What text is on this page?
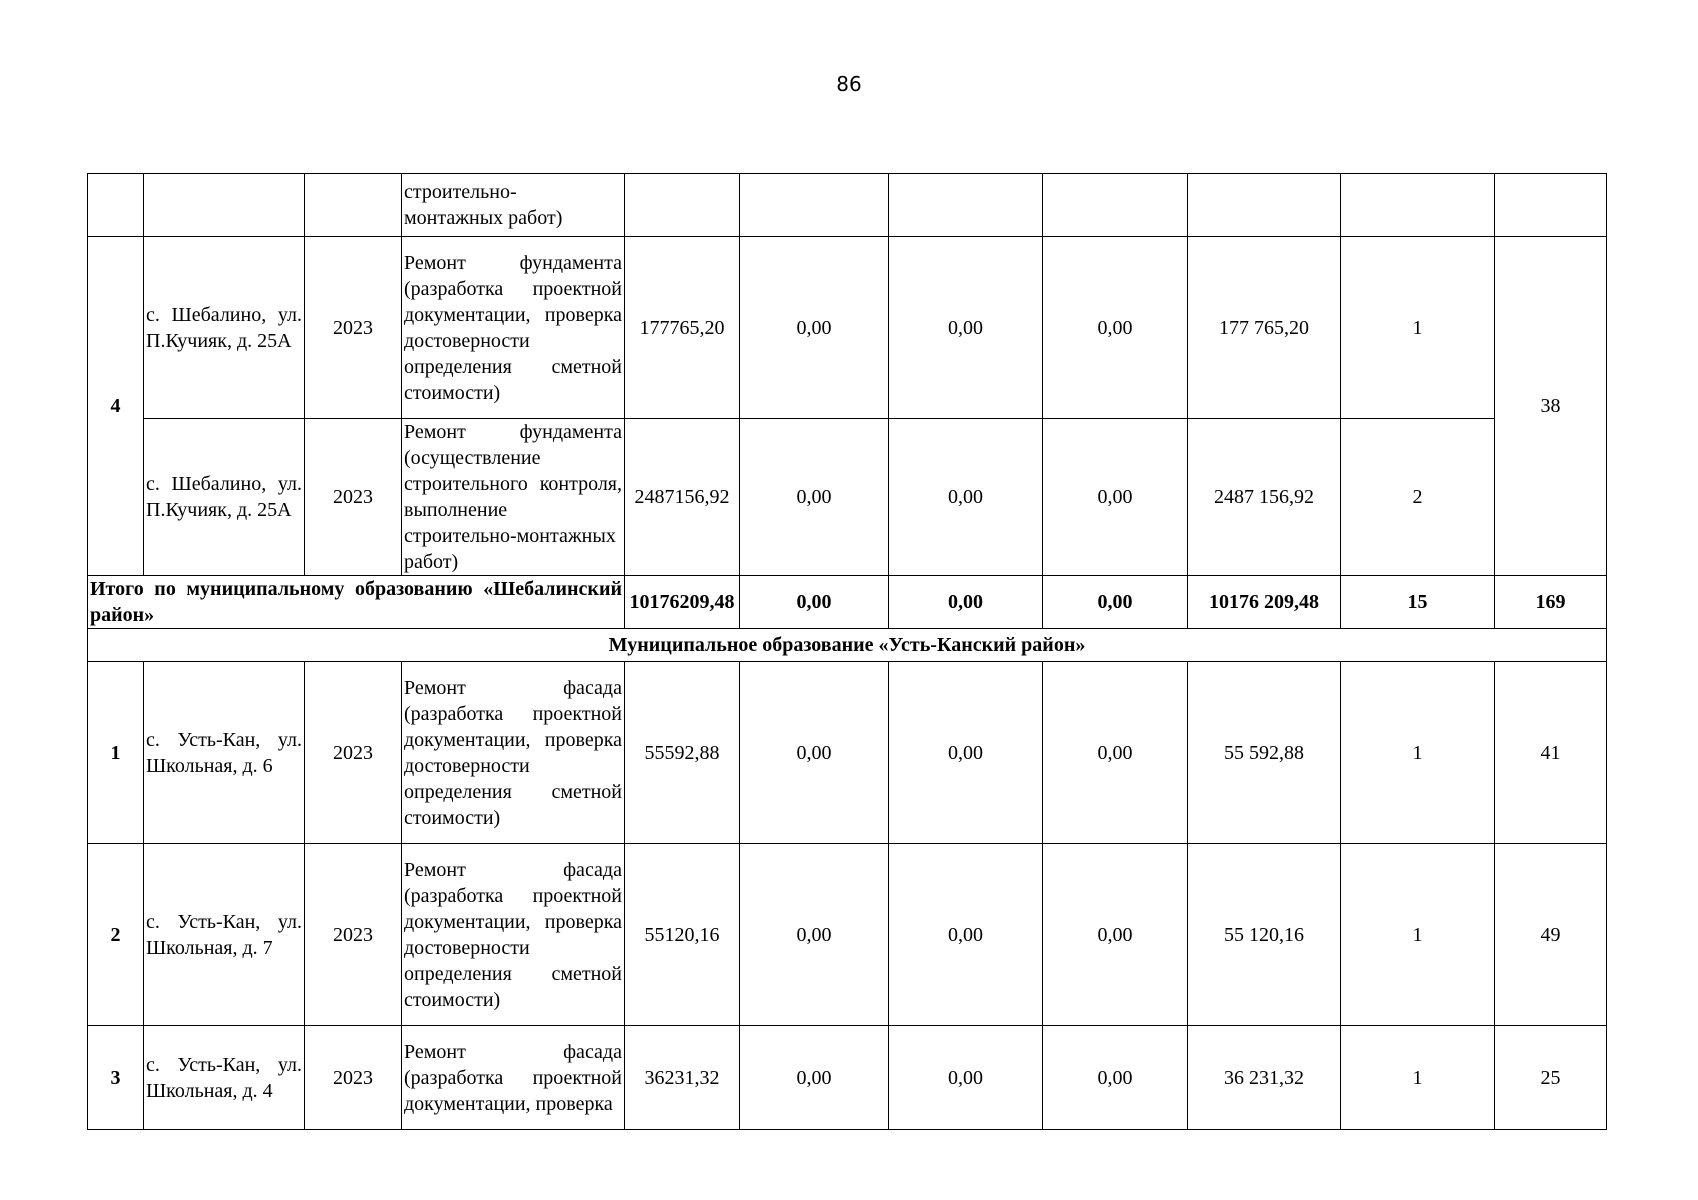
86
			строительно-
монтажных работ)							
4	с. Шебалино, ул. П.Кучияк, д. 25А	2023	Ремонт фундамента (разработка проектной документации, проверка достоверности определения сметной стоимости)	177765,20	0,00	0,00	0,00	177 765,20	1	38
	с. Шебалино, ул. П.Кучияк, д. 25А	2023	Ремонт фундамента (осуществление строительного контроля, выполнение строительно-монтажных работ)	2487156,92	0,00	0,00	0,00	2487 156,92	2	
Итого по муниципальному образованию «Шебалинский район»				10176209,48	0,00	0,00	0,00	10176 209,48	15	169
Муниципальное образование «Усть-Канский район»										
1	с. Усть-Кан, ул. Школьная, д. 6	2023	Ремонт фасада (разработка проектной документации, проверка достоверности определения сметной стоимости)	55592,88	0,00	0,00	0,00	55 592,88	1	41
2	с. Усть-Кан, ул. Школьная, д. 7	2023	Ремонт фасада (разработка проектной документации, проверка достоверности определения сметной стоимости)	55120,16	0,00	0,00	0,00	55 120,16	1	49
3	с. Усть-Кан, ул. Школьная, д. 4	2023	Ремонт фасада (разработка проектной документации, проверка	36231,32	0,00	0,00	0,00	36 231,32	1	25
